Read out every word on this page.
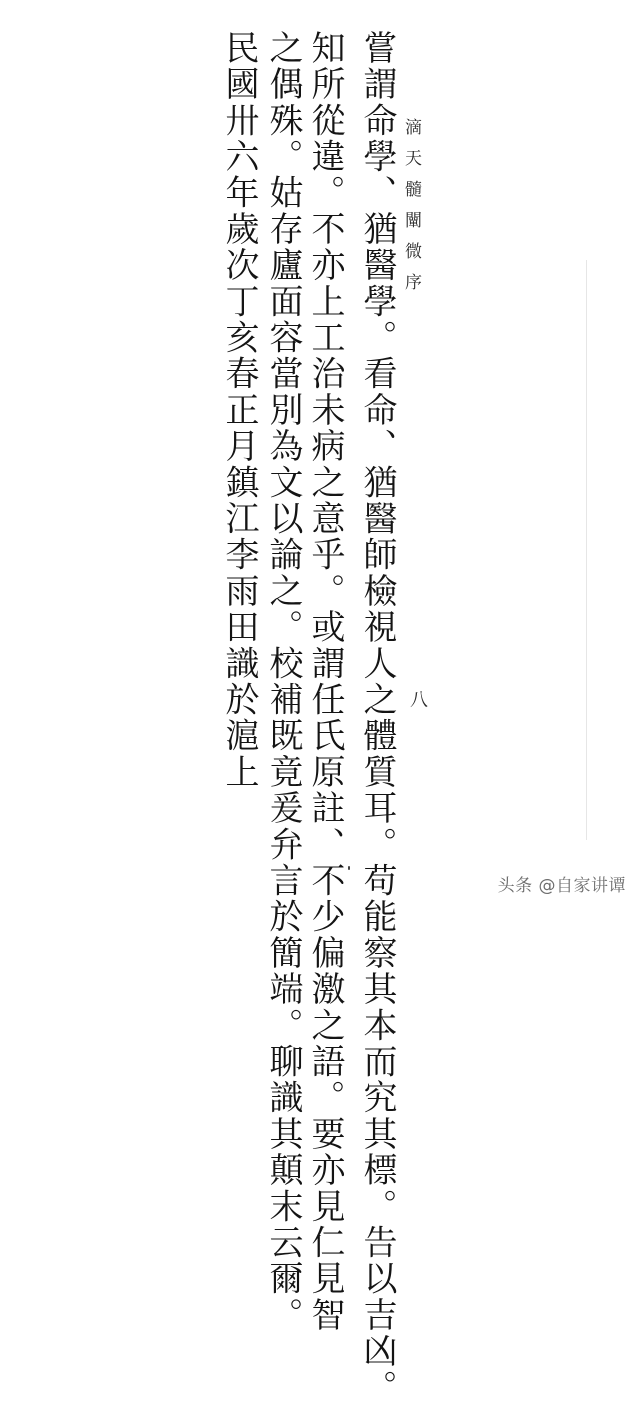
滴天髓闡微序
嘗謂命學、猶醫學。看命、猶醫師檢視人之體質耳。苟能察其本而究其標。告以吉凶。
知所從違。不亦上工治未病之意乎。或謂任氏原註、不少偏激之語。要亦見仁見智
之偶殊。姑存廬面容當別為文以論之。校補既竟爰弁言於簡端。聊識其顛末云爾。
民國卅六年歲次丁亥春正月鎮江李雨田識於滬上	八
头条 @自家讲谭
